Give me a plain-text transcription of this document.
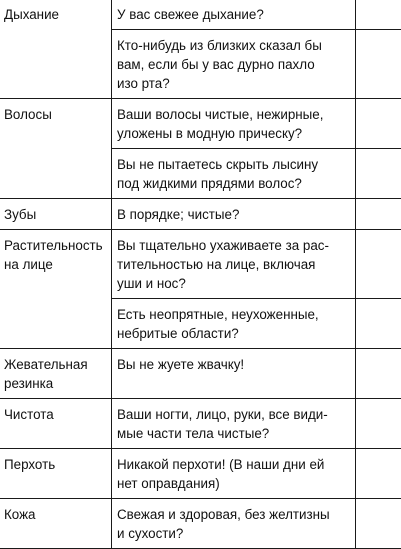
Дыхание	У вас свежее дыхание?	

	Кто-нибудь из близких сказал бы
вам, если бы у вас дурно пахло
изо рта?	

Волосы	Ваши волосы чистые, нежирные,
уложены в модную прическу?	

	Вы не пытаетесь скрыть лысину
под жидкими прядями волос?	

Зубы	В порядке; чистые?	

Растительность
на лице	Вы тщательно ухаживаете за рас-
тительностью на лице, включая
уши и нос?	

	Есть неопрятные, неухоженные,
небритые области?	

Жевательная
резинка	Вы не жуете жвачку!	

Чистота	Ваши ногти, лицо, руки, все види-
мые части тела чистые?	

Перхоть	Никакой перхоти! (В наши дни ей
нет оправдания)	

Кожа	Свежая и здоровая, без желтизны
и сухости?	
